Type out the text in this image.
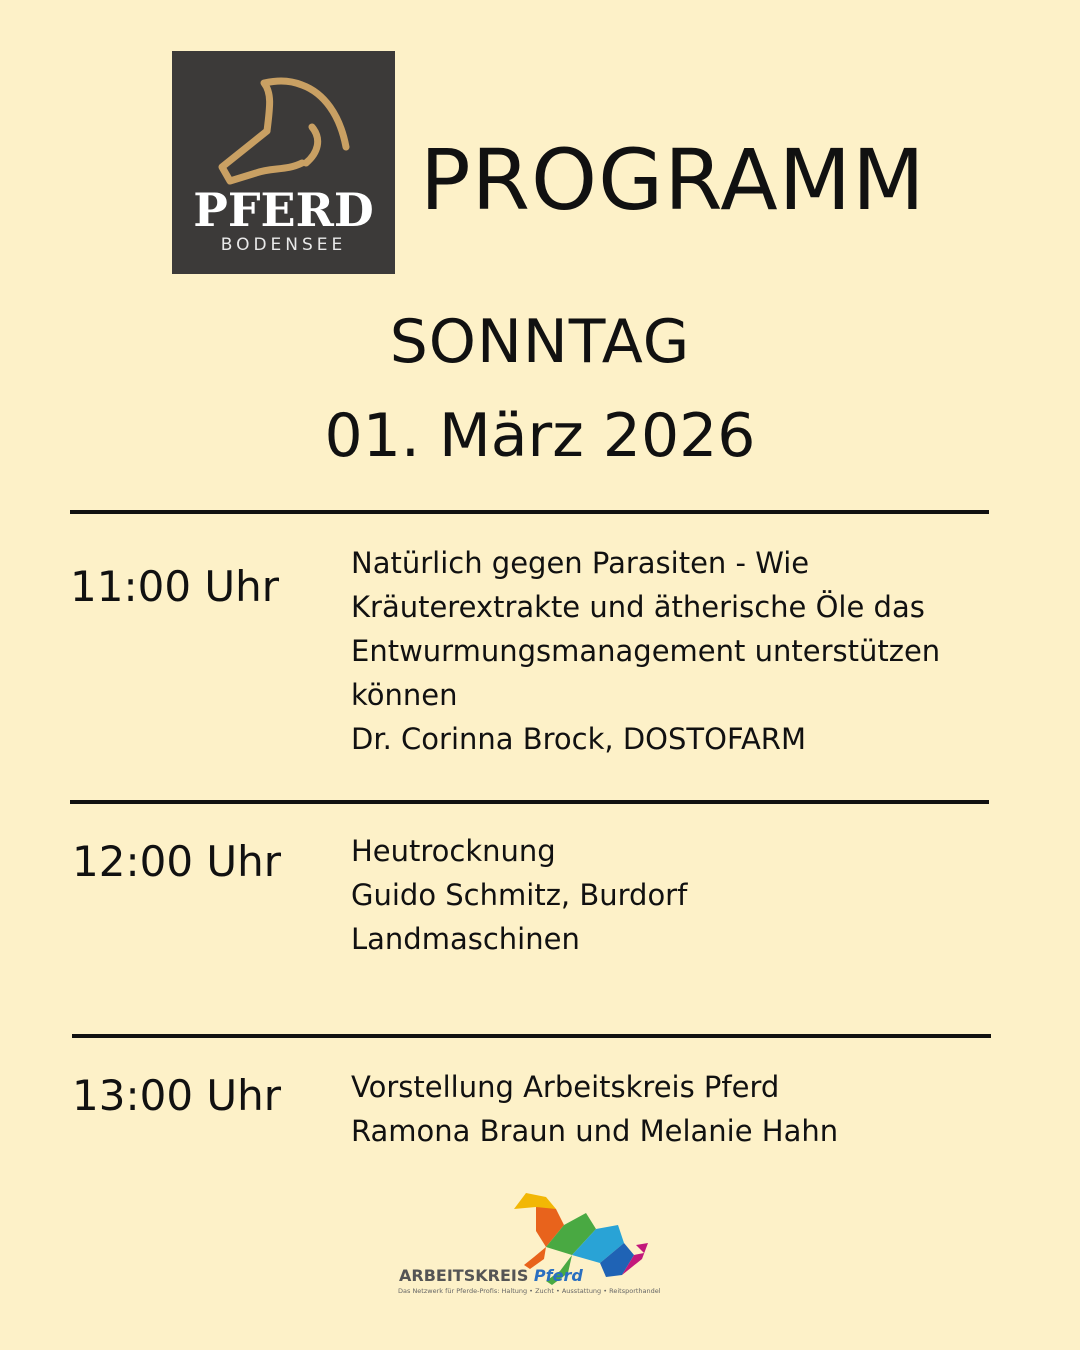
PFERD
BODENSEE
PROGRAMM
SONNTAG
01. März 2026
11:00 Uhr Natürlich gegen Parasiten - Wie
Kräuterextrakte und ätherische Öle das
Entwurmungsmanagement unterstützen
können
Dr. Corinna Brock, DOSTOFARM
12:00 Uhr Heutrocknung
Guido Schmitz, Burdorf
Landmaschinen
13:00 Uhr Vorstellung Arbeitskreis Pferd
Ramona Braun und Melanie Hahn
ARBEITSKREIS Pferd
Das Netzwerk für Pferde-Profis: Haltung • Zucht • Ausstattung • Reitsporthandel
